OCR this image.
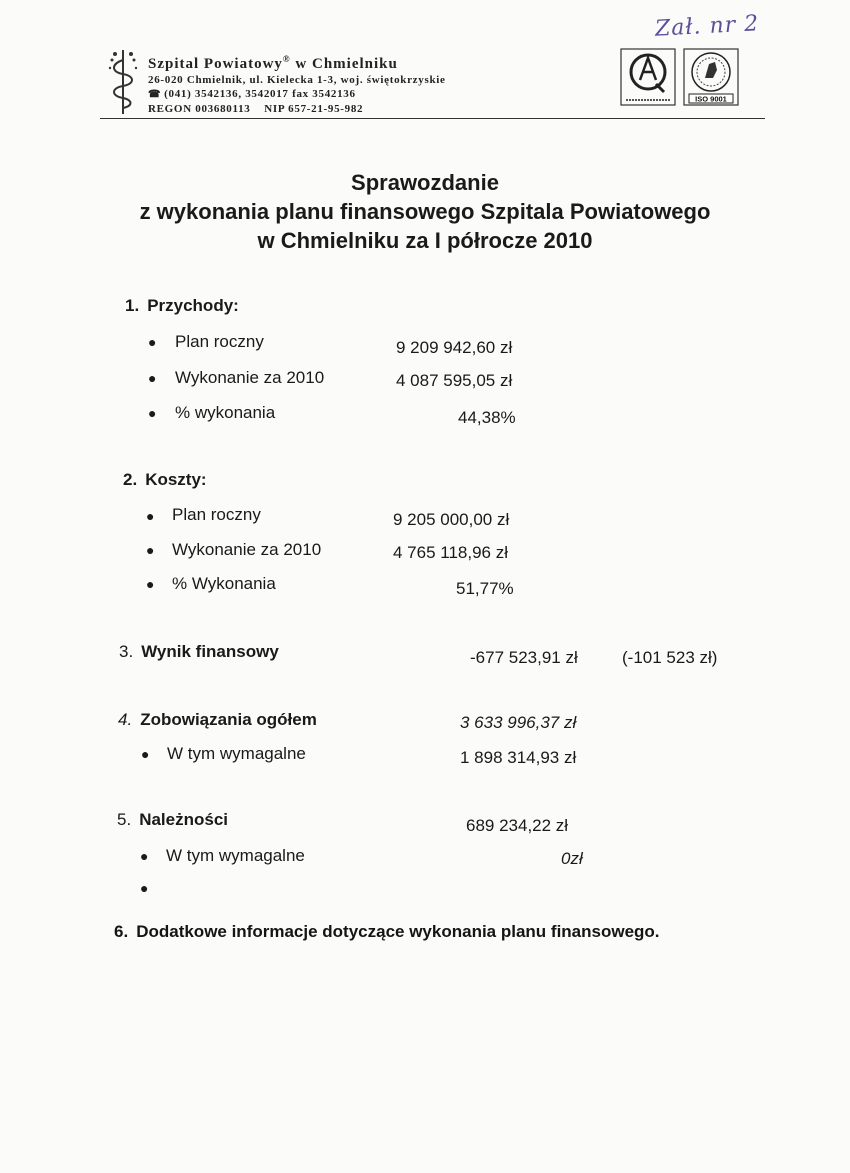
Zał. nr 2
Szpital Powiatowy® w Chmielniku
26-020 Chmielnik, ul. Kielecka 1-3, woj. świętokrzyskie
☎ (041) 3542136, 3542017 fax 3542136
REGON 003680113    NIP 657-21-95-982
ISO 9001
Sprawozdanie
z wykonania planu finansowego Szpitala Powiatowego
w Chmielniku za I półrocze 2010
1. Przychody:
● Plan roczny	9 209 942,60 zł
● Wykonanie za 2010	4 087 595,05 zł
● % wykonania	44,38%
2. Koszty:
● Plan roczny	9 205 000,00 zł
● Wykonanie za 2010	4 765 118,96 zł
● % Wykonania	51,77%
3. Wynik finansowy	-677 523,91 zł	(-101 523 zł)
4. Zobowiązania ogółem	3 633 996,37 zł
● W tym wymagalne	1 898 314,93 zł
5. Należności	689 234,22 zł
● W tym wymagalne	0zł
●
6. Dodatkowe informacje dotyczące wykonania planu finansowego.
